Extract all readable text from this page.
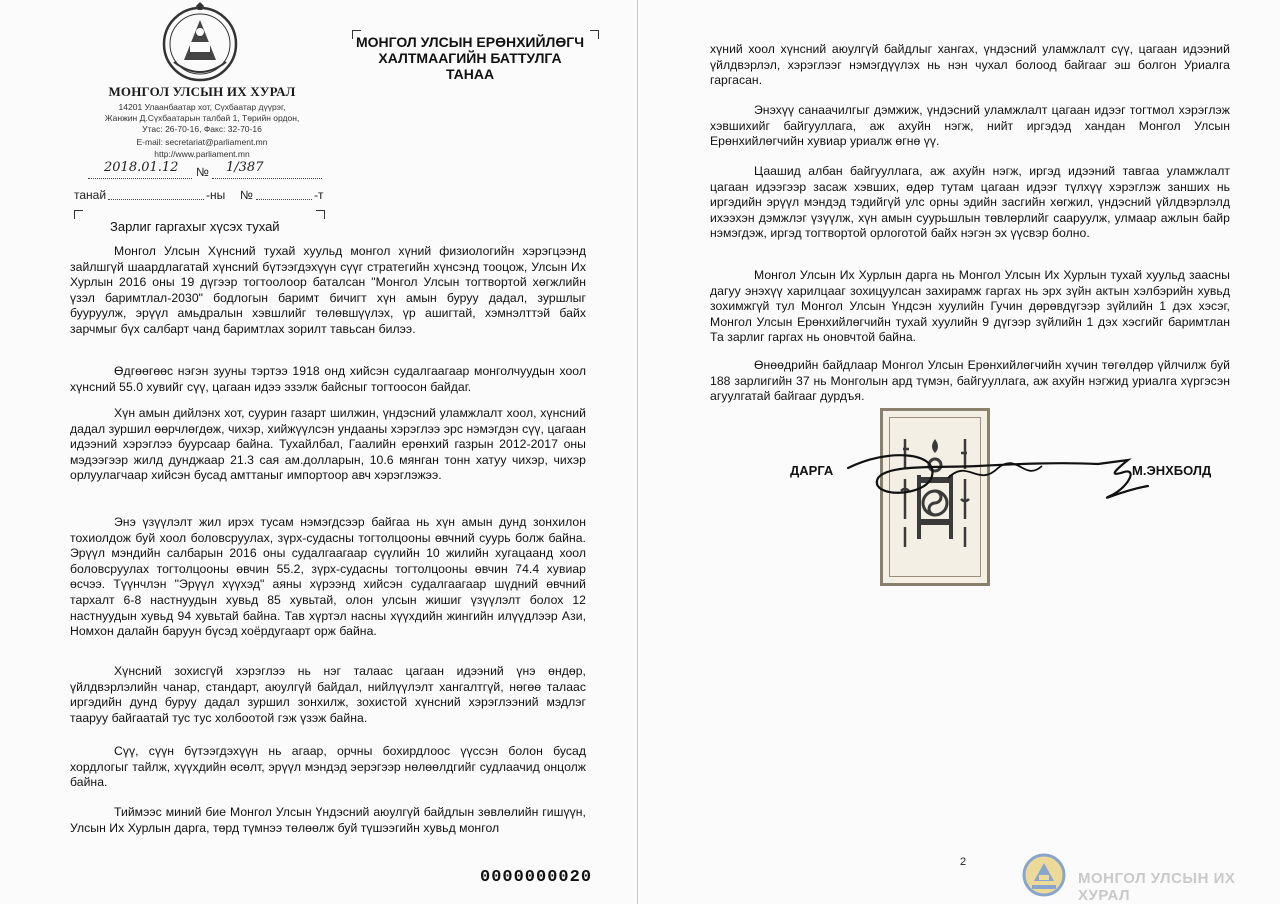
МОНГОЛ УЛСЫН ИХ ХУРАЛ
14201 Улаанбаатар хот, Сүхбаатар дүүрэг,
Жанжин Д.Сүхбаатарын талбай 1, Төрийн ордон,
Утас: 26-70-16, Факс: 32-70-16
E-mail: secretariat@parliament.mn
http://www.parliament.mn
2018.01.12 № 1/387
танай	-ны №	-т
МОНГОЛ УЛСЫН ЕРӨНХИЙЛӨГЧ
ХАЛТМААГИЙН БАТТУЛГА
ТАНАА
Зарлиг гаргахыг хүсэх тухай

Монгол Улсын Хүнсний тухай хуульд монгол хүний физиологийн хэрэгцээнд зайлшгүй шаардлагатай хүнсний бүтээгдэхүүн сүүг стратегийн хүнсэнд тооцож, Улсын Их Хурлын 2016 оны 19 дүгээр тогтоолоор баталсан "Монгол Улсын тогтвортой хөгжлийн үзэл баримтлал-2030" бодлогын баримт бичигт хүн амын буруу дадал, зуршлыг бууруулж, эрүүл амьдралын хэвшлийг төлөвшүүлэх, үр ашигтай, хэмнэлттэй байх зарчмыг бүх салбарт чанд баримтлах зорилт тавьсан билээ.

Өдгөөгөөс нэгэн зууны тэртээ 1918 онд хийсэн судалгаагаар монголчуудын хоол хүнсний 55.0 хувийг сүү, цагаан идээ эзэлж байсныг тогтоосон байдаг.

Хүн амын дийлэнх хот, суурин газарт шилжин, үндэсний уламжлалт хоол, хүнсний дадал зуршил өөрчлөгдөж, чихэр, хийжүүлсэн ундааны хэрэглээ эрс нэмэгдэн сүү, цагаан идээний хэрэглээ буурсаар байна. Тухайлбал, Гаалийн ерөнхий газрын 2012-2017 оны мэдээгээр жилд дунджаар 21.3 сая ам.долларын, 10.6 мянган тонн хатуу чихэр, чихэр орлуулагчаар хийсэн бусад амттаныг импортоор авч хэрэглэжээ.

Энэ үзүүлэлт жил ирэх тусам нэмэгдсээр байгаа нь хүн амын дунд зонхилон тохиолдож буй хоол боловсруулах, зүрх-судасны тогтолцооны өвчний суурь болж байна. Эрүүл мэндийн салбарын 2016 оны судалгаагаар сүүлийн 10 жилийн хугацаанд хоол боловсруулах тогтолцооны өвчин 55.2, зүрх-судасны тогтолцооны өвчин 74.4 хувиар өсчээ. Түүнчлэн "Эрүүл хүүхэд" аяны хүрээнд хийсэн судалгаагаар шүдний өвчний тархалт 6-8 настнуудын хувьд 85 хувьтай, олон улсын жишиг үзүүлэлт болох 12 настнуудын хувьд 94 хувьтай байна. Тав хүртэл насны хүүхдийн жингийн илүүдлээр Ази, Номхон далайн баруун бүсэд хоёрдугаарт орж байна.

Хүнсний зохисгүй хэрэглээ нь нэг талаас цагаан идээний үнэ өндөр, үйлдвэрлэлийн чанар, стандарт, аюулгүй байдал, нийлүүлэлт хангалтгүй, нөгөө талаас иргэдийн дунд буруу дадал зуршил зонхилж, зохистой хүнсний хэрэглээний мэдлэг тааруу байгаатай тус тус холбоотой гэж үзэж байна.

Сүү, сүүн бүтээгдэхүүн нь агаар, орчны бохирдлоос үүссэн болон бусад хордлогыг тайлж, хүүхдийн өсөлт, эрүүл мэндэд эерэгээр нөлөөлдгийг судлаачид онцолж байна.

Тиймээс миний бие Монгол Улсын Үндэсний аюулгүй байдлын зөвлөлийн гишүүн, Улсын Их Хурлын дарга, төрд түмнээ төлөөлж буй түшээгийн хувьд монгол

0000000020

хүний хоол хүнсний аюулгүй байдлыг хангах, үндэсний уламжлалт сүү, цагаан идээний үйлдвэрлэл, хэрэглээг нэмэгдүүлэх нь нэн чухал болоод байгааг эш болгон Уриалга гаргасан.

Энэхүү санаачилгыг дэмжиж, үндэсний уламжлалт цагаан идээг тогтмол хэрэглэж хэвшихийг байгууллага, аж ахуйн нэгж, нийт иргэдэд хандан Монгол Улсын Ерөнхийлөгчийн хувиар уриалж өгнө үү.

Цаашид албан байгууллага, аж ахуйн нэгж, иргэд идээний тавгаа уламжлалт цагаан идээгээр засаж хэвших, өдөр тутам цагаан идээг түлхүү хэрэглэж занших нь иргэдийн эрүүл мэндэд тэдийгүй улс орны эдийн засгийн хөгжил, үндэсний үйлдвэрлэлд ихээхэн дэмжлэг үзүүлж, хүн амын суурьшлын төвлөрлийг сааруулж, улмаар ажлын байр нэмэгдэж, иргэд тогтвортой орлоготой байх нэгэн эх үүсвэр болно.

Монгол Улсын Их Хурлын дарга нь Монгол Улсын Их Хурлын тухай хуульд заасны дагуу энэхүү харилцааг зохицуулсан захирамж гаргах нь эрх зүйн актын хэлбэрийн хувьд зохимжгүй тул Монгол Улсын Үндсэн хуулийн Гучин дөрөвдүгээр зүйлийн 1 дэх хэсэг, Монгол Улсын Ерөнхийлөгчийн тухай хуулийн 9 дүгээр зүйлийн 1 дэх хэсгийг баримтлан Та зарлиг гаргах нь оновчтой байна.

Өнөөдрийн байдлаар Монгол Улсын Ерөнхийлөгчийн хүчин төгөлдөр үйлчилж буй 188 зарлигийн 37 нь Монголын ард түмэн, байгууллага, аж ахуйн нэгжид уриалга хүргэсэн агуулгатай байгааг дурдъя.

ДАРГА	М.ЭНХБОЛД
2
МОНГОЛ УЛСЫН ИХ ХУРАЛ
